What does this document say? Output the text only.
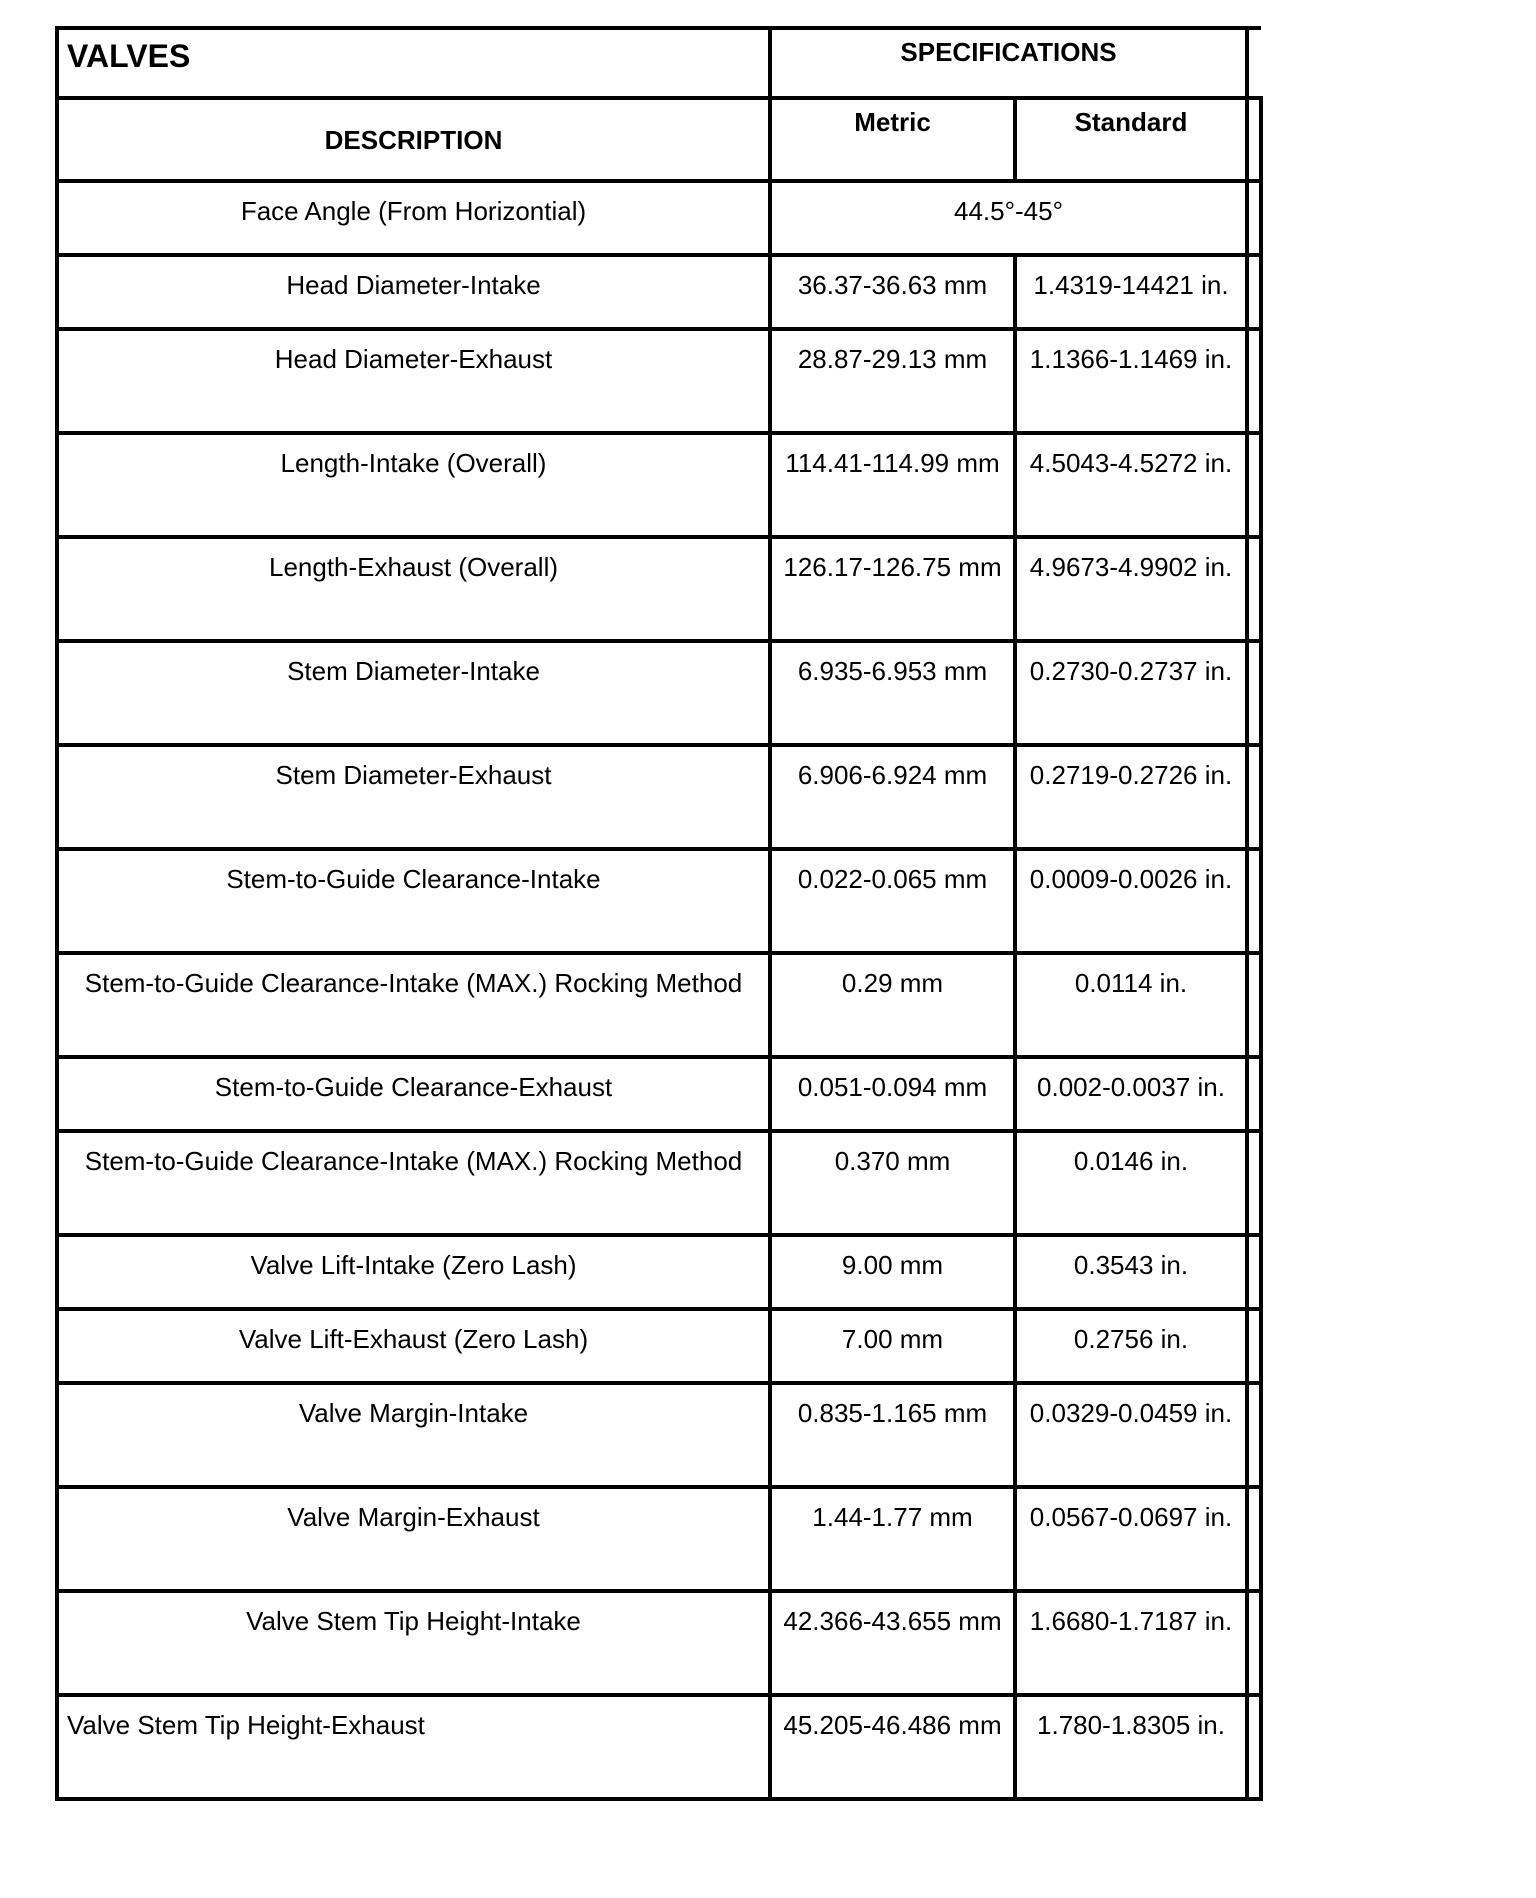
VALVES	SPECIFICATIONS		
DESCRIPTION	Metric	Standard	
Face Angle (From Horizontial)	44.5°-45°		
Head Diameter-Intake	36.37-36.63 mm	1.4319-14421 in.	
Head Diameter-Exhaust	28.87-29.13 mm	1.1366-1.1469 in.	
Length-Intake (Overall)	114.41-114.99 mm	4.5043-4.5272 in.	
Length-Exhaust (Overall)	126.17-126.75 mm	4.9673-4.9902 in.	
Stem Diameter-Intake	6.935-6.953 mm	0.2730-0.2737 in.	
Stem Diameter-Exhaust	6.906-6.924 mm	0.2719-0.2726 in.	
Stem-to-Guide Clearance-Intake	0.022-0.065 mm	0.0009-0.0026 in.	
Stem-to-Guide Clearance-Intake (MAX.) Rocking Method	0.29 mm	0.0114 in.	
Stem-to-Guide Clearance-Exhaust	0.051-0.094 mm	0.002-0.0037 in.	
Stem-to-Guide Clearance-Intake (MAX.) Rocking Method	0.370 mm	0.0146 in.	
Valve Lift-Intake (Zero Lash)	9.00 mm	0.3543 in.	
Valve Lift-Exhaust (Zero Lash)	7.00 mm	0.2756 in.	
Valve Margin-Intake	0.835-1.165 mm	0.0329-0.0459 in.	
Valve Margin-Exhaust	1.44-1.77 mm	0.0567-0.0697 in.	
Valve Stem Tip Height-Intake	42.366-43.655 mm	1.6680-1.7187 in.	
Valve Stem Tip Height-Exhaust	45.205-46.486 mm	1.780-1.8305 in.	
